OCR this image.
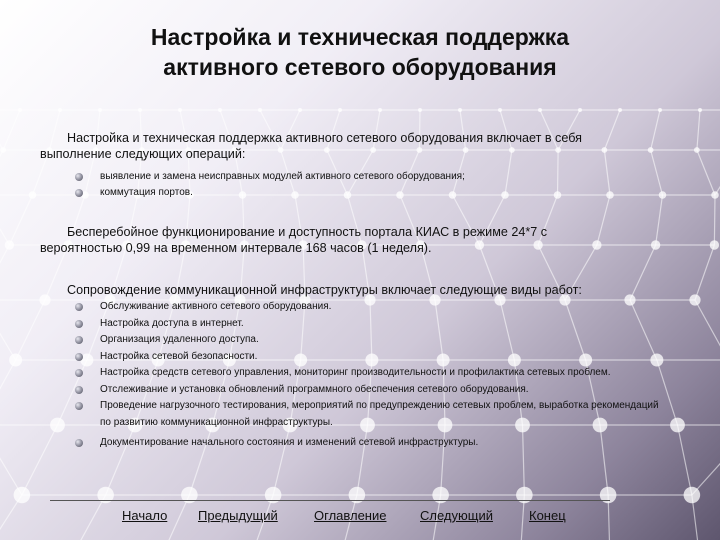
Настройка и техническая поддержка
активного сетевого оборудования
Настройка и техническая поддержка активного сетевого оборудования включает в себя
выполнение следующих операций:
выявление и замена неисправных модулей активного сетевого оборудования;
коммутация портов.
Бесперебойное функционирование и доступность портала КИАС в режиме 24*7 с
вероятностью 0,99 на временном интервале 168 часов (1 неделя).
Сопровождение коммуникационной инфраструктуры включает следующие виды работ:
Обслуживание активного сетевого оборудования.
Настройка доступа в интернет.
Организация удаленного доступа.
Настройка сетевой безопасности.
Настройка средств сетевого управления, мониторинг производительности и профилактика сетевых проблем.
Отслеживание и установка обновлений программного обеспечения сетевого оборудования.
Проведение нагрузочного тестирования, мероприятий по предупреждению сетевых проблем, выработка рекомендаций по развитию коммуникационной инфраструктуры.
Документирование начального состояния и изменений сетевой инфраструктуры.
Начало Предыдущий	Оглавление	Следующий	Конец
